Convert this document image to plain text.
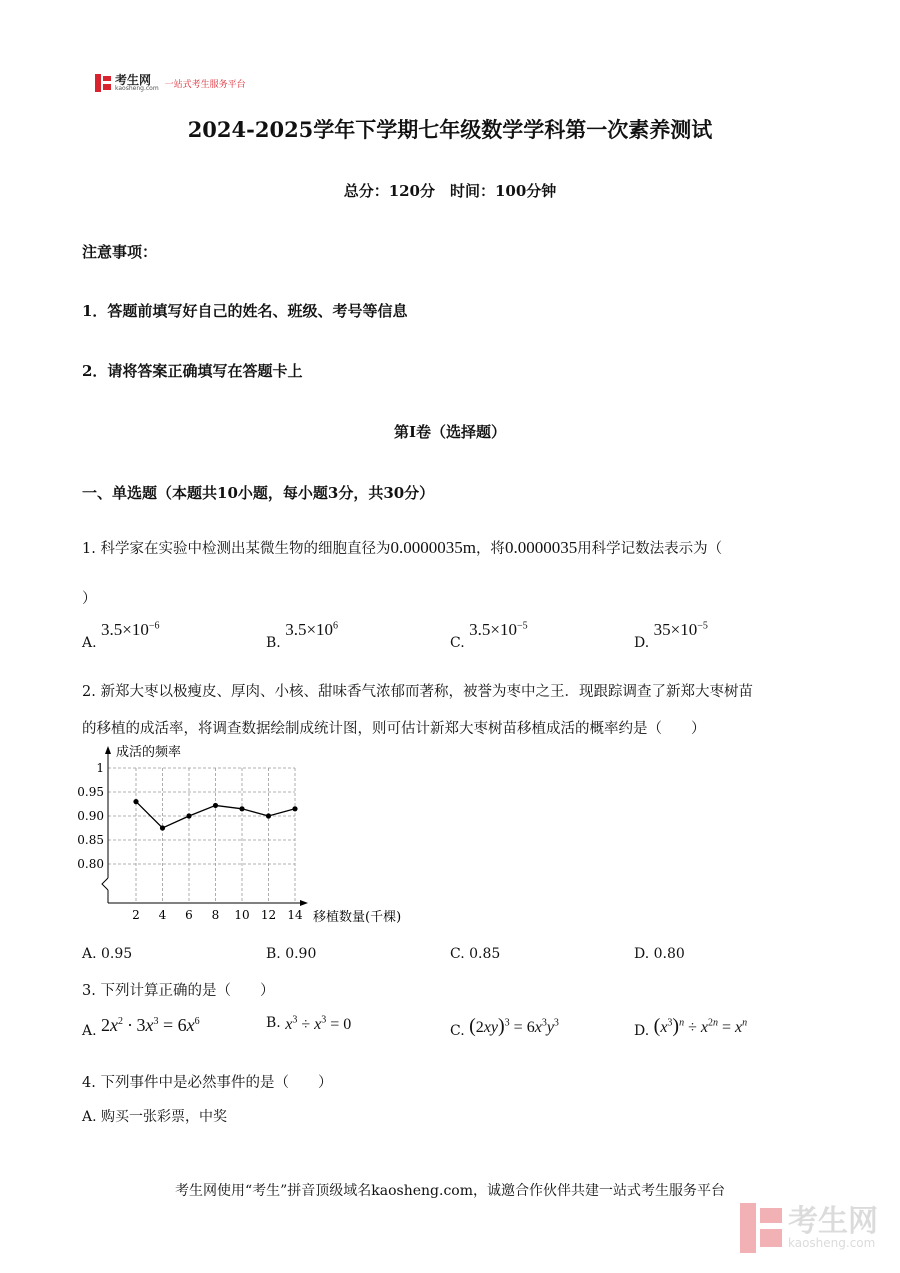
考生网
kaosheng.com 一站式考生服务平台
2024-2025学年下学期七年级数学学科第一次素养测试
总分：120分　时间：100分钟
注意事项：
1．答题前填写好自己的姓名、班级、考号等信息
2．请将答案正确填写在答题卡上
第Ⅰ卷（选择题）
一、单选题（本题共10小题，每小题3分，共30分）
1. 科学家在实验中检测出某微生物的细胞直径为0.0000035m，将0.0000035用科学记数法表示为（
）
A. $3.5\times 10^{-6}$
B. $3.5\times 10^6$
C. $3.5\times 10^{-5}$
D. $35\times 10^{-5}$
2. 新郑大枣以极瘦皮、厚肉、小核、甜味香气浓郁而著称，被誉为枣中之王．现跟踪调查了新郑大枣树苗
的移植的成活率，将调查数据绘制成统计图，则可估计新郑大枣树苗移植成活的概率约是（　　）
0.80
0.85
0.90
0.95
1
2 4 6 8 10 12 14
成活的频率
移植数量(千棵)
A. 0.95	B. 0.90	C. 0.85	D. 0.80
3. 下列计算正确的是（　　）
A. $2x^2 \cdot 3x^3 = 6x^6$	B. $x^3 \div x^3 = 0$	C. $(2xy)^3 = 6x^3y^3$	D. $(x^3)^n \div x^{2n} = x^n$
4. 下列事件中是必然事件的是（　　）
A. 购买一张彩票，中奖
考生网使用“考生”拼音顶级域名kaosheng.com，诚邀合作伙伴共建一站式考生服务平台
考生网
kaosheng.com
